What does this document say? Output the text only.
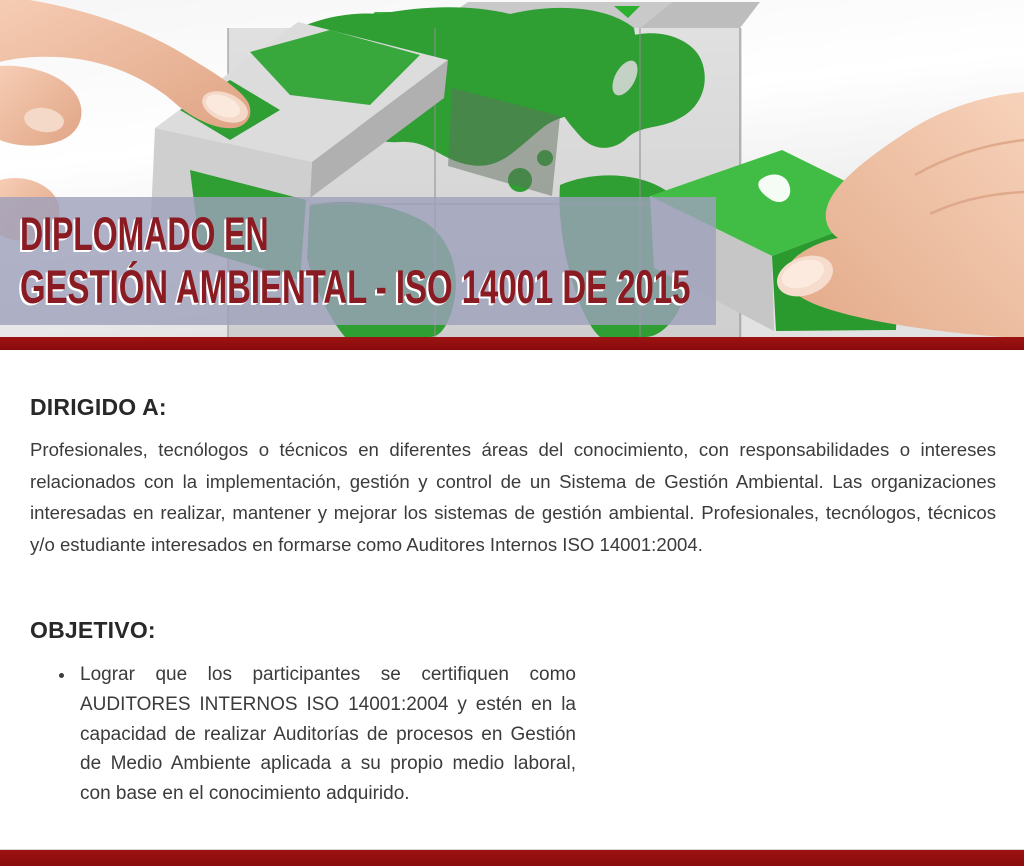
DIPLOMADO EN
GESTIÓN AMBIENTAL - ISO 14001 DE 2015
DIRIGIDO A:

Profesionales, tecnólogos o técnicos en diferentes áreas del conocimiento, con responsabilidades o intereses relacionados con la implementación, gestión y control de un Sistema de Gestión Ambiental. Las organizaciones interesadas en realizar, mantener y mejorar los sistemas de gestión ambiental. Profesionales, tecnólogos, técnicos y/o estudiante interesados en formarse como Auditores Internos ISO 14001:2004.

OBJETIVO:
• Lograr que los participantes se certifiquen como AUDITORES INTERNOS ISO 14001:2004 y estén en la capacidad de realizar Auditorías de procesos en Gestión de Medio Ambiente aplicada a su propio medio laboral, con base en el conocimiento adquirido.
